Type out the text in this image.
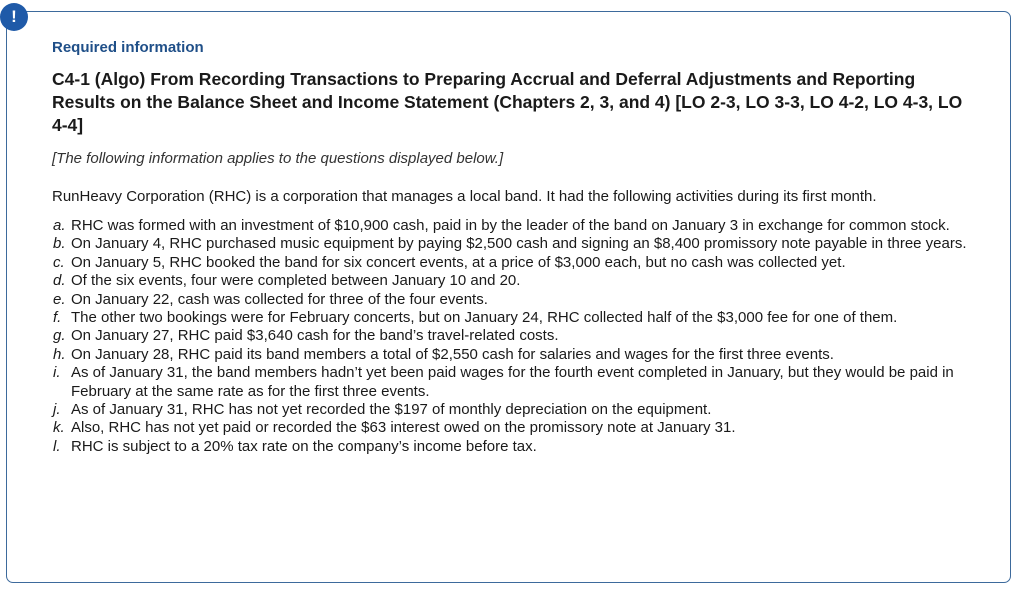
!
Required information
C4-1 (Algo) From Recording Transactions to Preparing Accrual and Deferral Adjustments and Reporting Results on the Balance Sheet and Income Statement (Chapters 2, 3, and 4) [LO 2-3, LO 3-3, LO 4-2, LO 4-3, LO 4-4]
[The following information applies to the questions displayed below.]
RunHeavy Corporation (RHC) is a corporation that manages a local band. It had the following activities during its first month.
a. RHC was formed with an investment of $10,900 cash, paid in by the leader of the band on January 3 in exchange for common stock.
b. On January 4, RHC purchased music equipment by paying $2,500 cash and signing an $8,400 promissory note payable in three years.
c. On January 5, RHC booked the band for six concert events, at a price of $3,000 each, but no cash was collected yet.
d. Of the six events, four were completed between January 10 and 20.
e. On January 22, cash was collected for three of the four events.
f. The other two bookings were for February concerts, but on January 24, RHC collected half of the $3,000 fee for one of them.
g. On January 27, RHC paid $3,640 cash for the band’s travel-related costs.
h. On January 28, RHC paid its band members a total of $2,550 cash for salaries and wages for the first three events.
i. As of January 31, the band members hadn’t yet been paid wages for the fourth event completed in January, but they would be paid in February at the same rate as for the first three events.
j. As of January 31, RHC has not yet recorded the $197 of monthly depreciation on the equipment.
k. Also, RHC has not yet paid or recorded the $63 interest owed on the promissory note at January 31.
l. RHC is subject to a 20% tax rate on the company’s income before tax.
